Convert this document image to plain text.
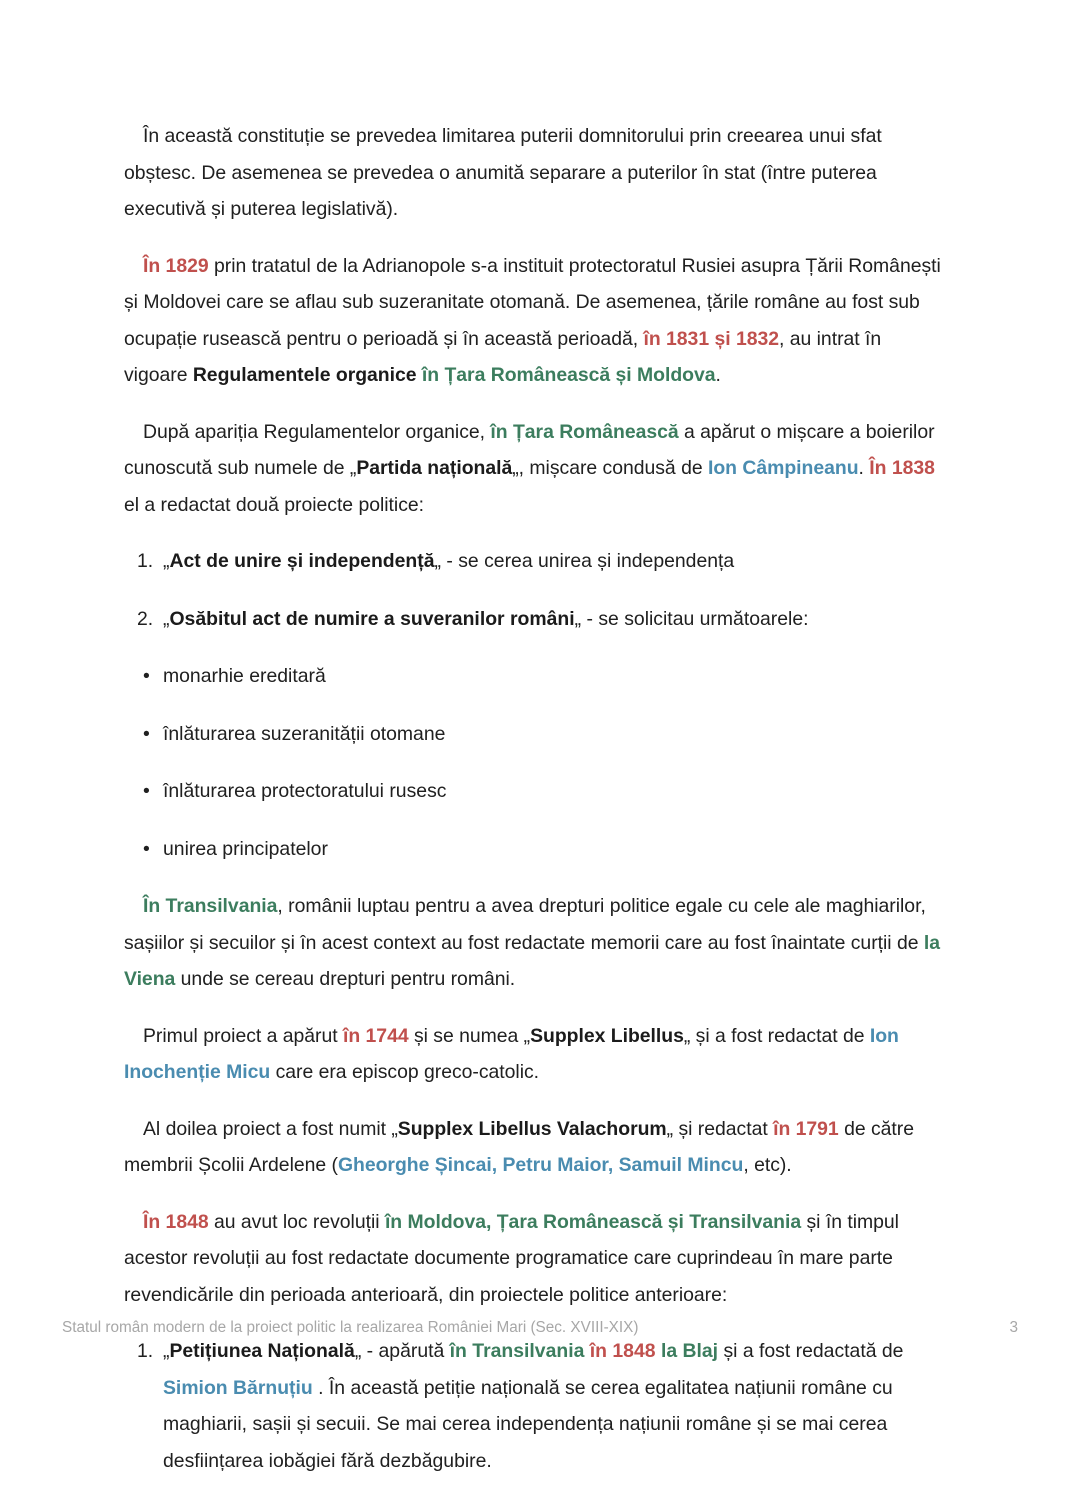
În această constituție se prevedea limitarea puterii domnitorului prin creearea unui sfat obștesc. De asemenea se prevedea o anumită separare a puterilor în stat (între puterea executivă și puterea legislativă).

În 1829 prin tratatul de la Adrianopole s-a instituit protectoratul Rusiei asupra Țării Românești și Moldovei care se aflau sub suzeranitate otomană. De asemenea, țările române au fost sub ocupație rusească pentru o perioadă și în această perioadă, în 1831 și 1832, au intrat în vigoare Regulamentele organice în Țara Românească și Moldova.

După apariția Regulamentelor organice, în Țara Românească a apărut o mișcare a boierilor cunoscută sub numele de „Partida națională„, mișcare condusă de Ion Câmpineanu. În 1838 el a redactat două proiecte politice:

1. „Act de unire și independență„ - se cerea unirea și independența
2. „Osăbitul act de numire a suveranilor români„ - se solicitau următoarele:
• monarhie ereditară
• înlăturarea suzeranității otomane
• înlăturarea protectoratului rusesc
• unirea principatelor

În Transilvania, românii luptau pentru a avea drepturi politice egale cu cele ale maghiarilor, sașiilor și secuilor și în acest context au fost redactate memorii care au fost înaintate curții de la Viena unde se cereau drepturi pentru români.

Primul proiect a apărut în 1744 și se numea „Supplex Libellus„ și a fost redactat de Ion Inochenție Micu care era episcop greco-catolic.

Al doilea proiect a fost numit „Supplex Libellus Valachorum„ și redactat în 1791 de către membrii Școlii Ardelene (Gheorghe Șincai, Petru Maior, Samuil Mincu, etc).

În 1848 au avut loc revoluții în Moldova, Țara Românească și Transilvania și în timpul acestor revoluții au fost redactate documente programatice care cuprindeau în mare parte revendicările din perioada anterioară, din proiectele politice anterioare:

1. „Petițiunea Națională„ - apărută în Transilvania în 1848 la Blaj și a fost redactată de Simion Bărnuțiu . În această petiție națională se cerea egalitatea națiunii române cu maghiarii, sașii și secuii. Se mai cerea independența națiunii române și se mai cerea desființarea iobăgiei fără dezbăgubire.
Statul român modern de la proiect politic la realizarea României Mari (Sec. XVIII-XIX)	3
